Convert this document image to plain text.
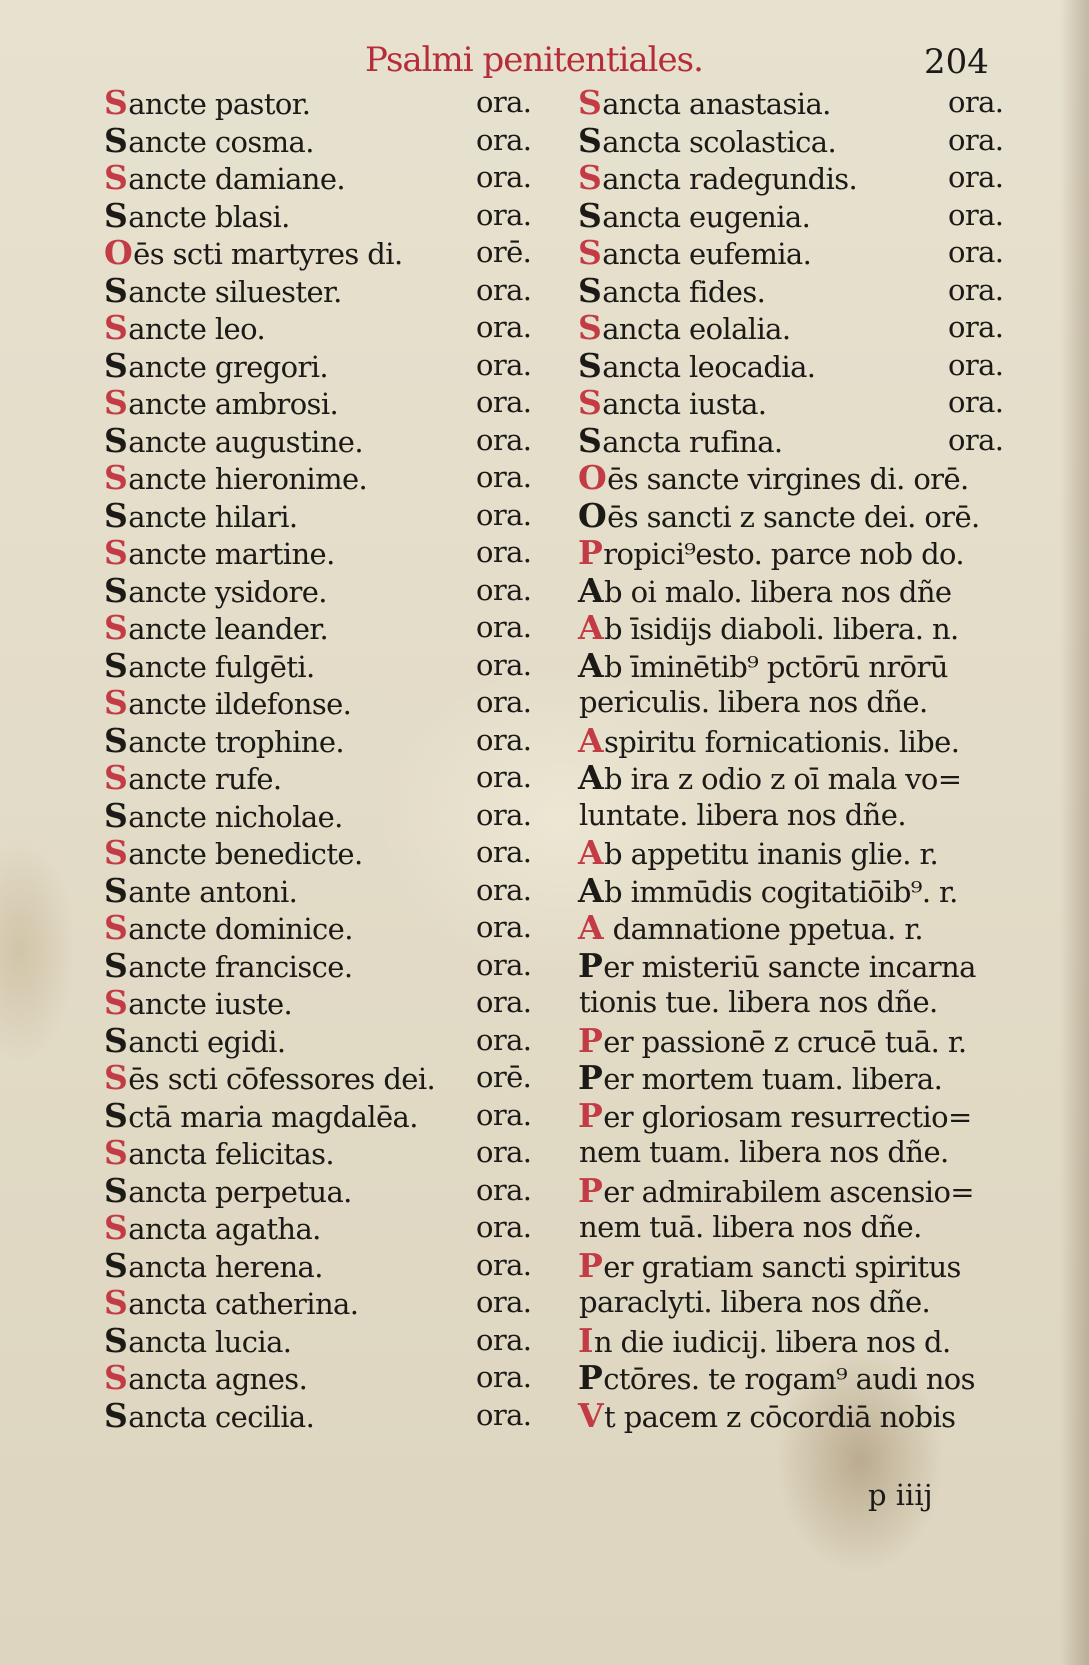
Psalmi penitentiales.	204
Sancte pastor.	ora.
Sancte cosma.	ora.
Sancte damiane.	ora.
Sancte blasi.	ora.
Oēs scti martyres di.	orē.
Sancte siluester.	ora.
Sancte leo.	ora.
Sancte gregori.	ora.
Sancte ambrosi.	ora.
Sancte augustine.	ora.
Sancte hieronime.	ora.
Sancte hilari.	ora.
Sancte martine.	ora.
Sancte ysidore.	ora.
Sancte leander.	ora.
Sancte fulgēti.	ora.
Sancte ildefonse.	ora.
Sancte trophine.	ora.
Sancte rufe.	ora.
Sancte nicholae.	ora.
Sancte benedicte.	ora.
Sante antoni.	ora.
Sancte dominice.	ora.
Sancte francisce.	ora.
Sancte iuste.	ora.
Sancti egidi.	ora.
Sēs scti cōfessores dei. orē.
Sctā maria magdalēa. ora.
Sancta felicitas.	ora.
Sancta perpetua.	ora.
Sancta agatha.	ora.
Sancta herena.	ora.
Sancta catherina.	ora.
Sancta lucia.	ora.
Sancta agnes.	ora.
Sancta cecilia.	ora.
Sancta anastasia.	ora.
Sancta scolastica.	ora.
Sancta radegundis.	ora.
Sancta eugenia.	ora.
Sancta eufemia.	ora.
Sancta fides.	ora.
Sancta eolalia.	ora.
Sancta leocadia.	ora.
Sancta iusta.	ora.
Sancta rufina.	ora.
Oēs sancte virgines di. orē.
Oēs sancti z sancte dei. orē.
Propici⁹esto. parce nob do.
Ab oi malo. libera nos dñe
Ab īsidijs diaboli. libera. n.
Ab īminētib⁹ pctōrū nrōrū
periculis. libera nos dñe.
Aspiritu fornicationis. libe.
Ab ira z odio z oī mala vo=
luntate. libera nos dñe.
Ab appetitu inanis glie. r.
Ab immūdis cogitatiōib⁹. r.
A damnatione ppetua. r.
Per misteriū sancte incarna
tionis tue. libera nos dñe.
Per passionē z crucē tuā. r.
Per mortem tuam. libera.
Per gloriosam resurrectio=
nem tuam. libera nos dñe.
Per admirabilem ascensio=
nem tuā. libera nos dñe.
Per gratiam sancti spiritus
paraclyti. libera nos dñe.
In die iudicij. libera nos d.
Pctōres. te rogam⁹ audi nos
Vt pacem z cōcordiā nobis
p iiij
